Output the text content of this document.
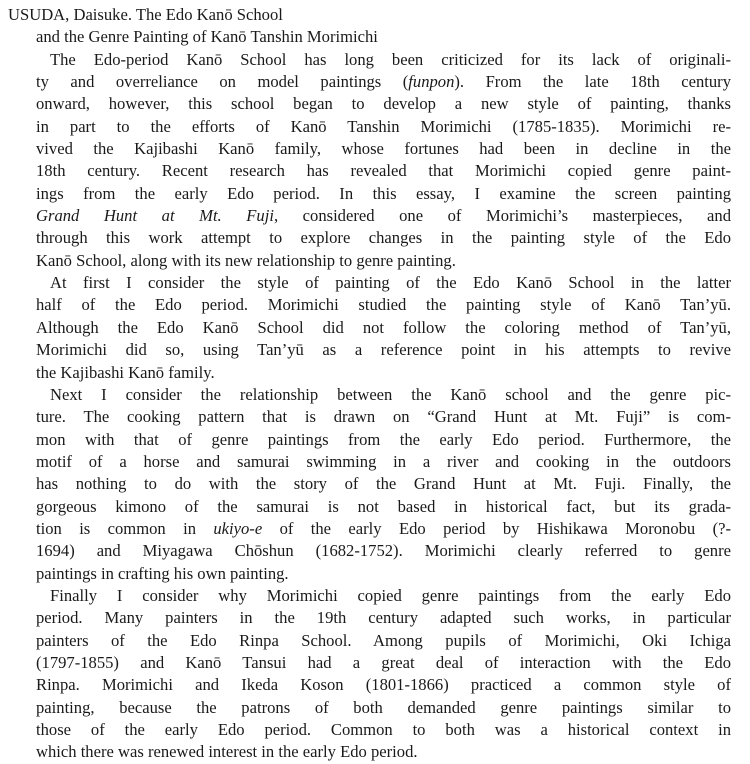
USUDA, Daisuke. The Edo Kanō School
and the Genre Painting of Kanō Tanshin Morimichi
The Edo-period Kanō School has long been criticized for its lack of originali-
ty and overreliance on model paintings (funpon). From the late 18th century
onward, however, this school began to develop a new style of painting, thanks
in part to the efforts of Kanō Tanshin Morimichi (1785-1835). Morimichi re-
vived the Kajibashi Kanō family, whose fortunes had been in decline in the
18th century. Recent research has revealed that Morimichi copied genre paint-
ings from the early Edo period. In this essay, I examine the screen painting
Grand Hunt at Mt. Fuji, considered one of Morimichi’s masterpieces, and
through this work attempt to explore changes in the painting style of the Edo
Kanō School, along with its new relationship to genre painting.
At first I consider the style of painting of the Edo Kanō School in the latter
half of the Edo period. Morimichi studied the painting style of Kanō Tan’yū.
Although the Edo Kanō School did not follow the coloring method of Tan’yū,
Morimichi did so, using Tan’yū as a reference point in his attempts to revive
the Kajibashi Kanō family.
Next I consider the relationship between the Kanō school and the genre pic-
ture. The cooking pattern that is drawn on “Grand Hunt at Mt. Fuji” is com-
mon with that of genre paintings from the early Edo period. Furthermore, the
motif of a horse and samurai swimming in a river and cooking in the outdoors
has nothing to do with the story of the Grand Hunt at Mt. Fuji. Finally, the
gorgeous kimono of the samurai is not based in historical fact, but its grada-
tion is common in ukiyo-e of the early Edo period by Hishikawa Moronobu (?-
1694) and Miyagawa Chōshun (1682-1752). Morimichi clearly referred to genre
paintings in crafting his own painting.
Finally I consider why Morimichi copied genre paintings from the early Edo
period. Many painters in the 19th century adapted such works, in particular
painters of the Edo Rinpa School. Among pupils of Morimichi, Oki Ichiga
(1797-1855) and Kanō Tansui had a great deal of interaction with the Edo
Rinpa. Morimichi and Ikeda Koson (1801-1866) practiced a common style of
painting, because the patrons of both demanded genre paintings similar to
those of the early Edo period. Common to both was a historical context in
which there was renewed interest in the early Edo period.
